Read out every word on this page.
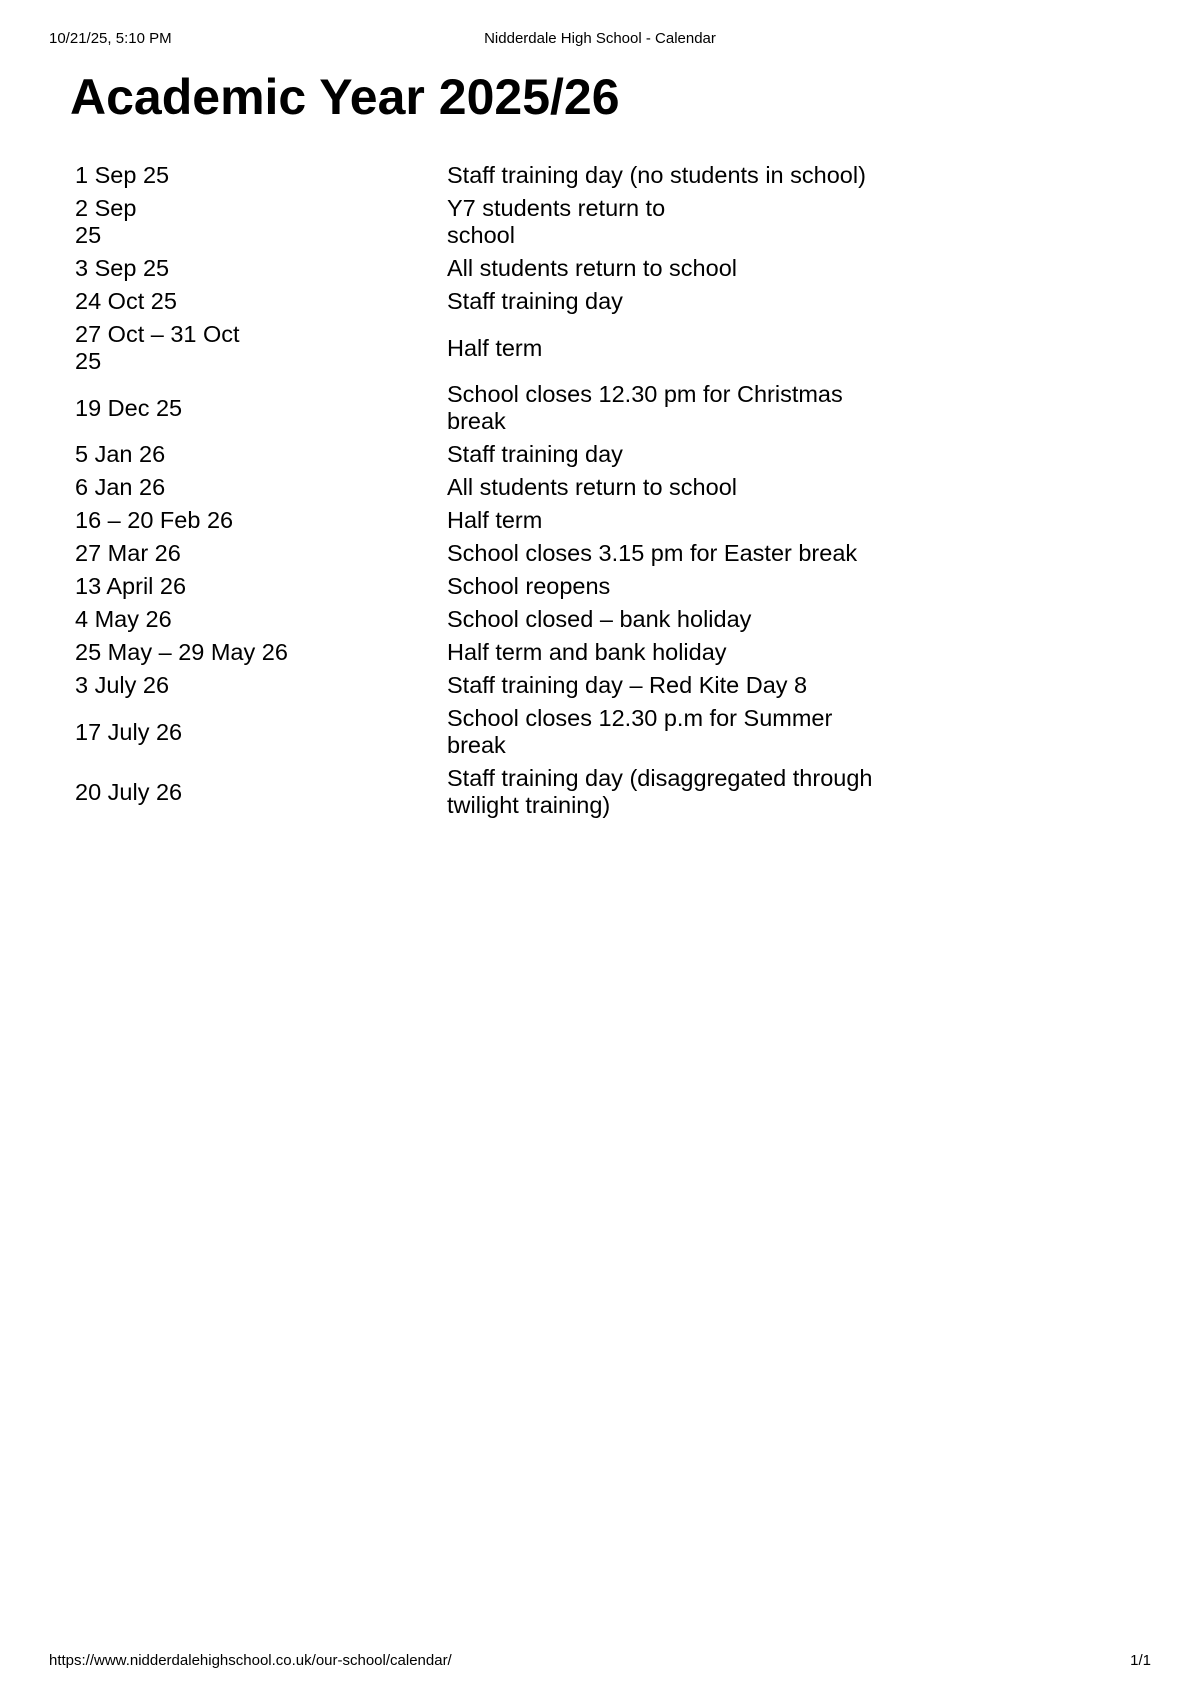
10/21/25, 5:10 PM	Nidderdale High School - Calendar
Academic Year 2025/26
1 Sep 25	Staff training day (no students in school)
2 Sep 25	Y7 students return to school
3 Sep 25	All students return to school
24 Oct 25	Staff training day
27 Oct – 31 Oct 25	Half term
19 Dec 25	School closes 12.30 pm for Christmas break
5 Jan 26	Staff training day
6 Jan 26	All students return to school
16 – 20 Feb 26	Half term
27 Mar 26	School closes 3.15 pm for Easter break
13 April 26	School reopens
4 May 26	School closed – bank holiday
25 May – 29 May 26	Half term and bank holiday
3 July 26	Staff training day – Red Kite Day 8
17 July 26	School closes 12.30 p.m for Summer break
20 July 26	Staff training day (disaggregated through twilight training)
https://www.nidderdalehighschool.co.uk/our-school/calendar/	1/1
